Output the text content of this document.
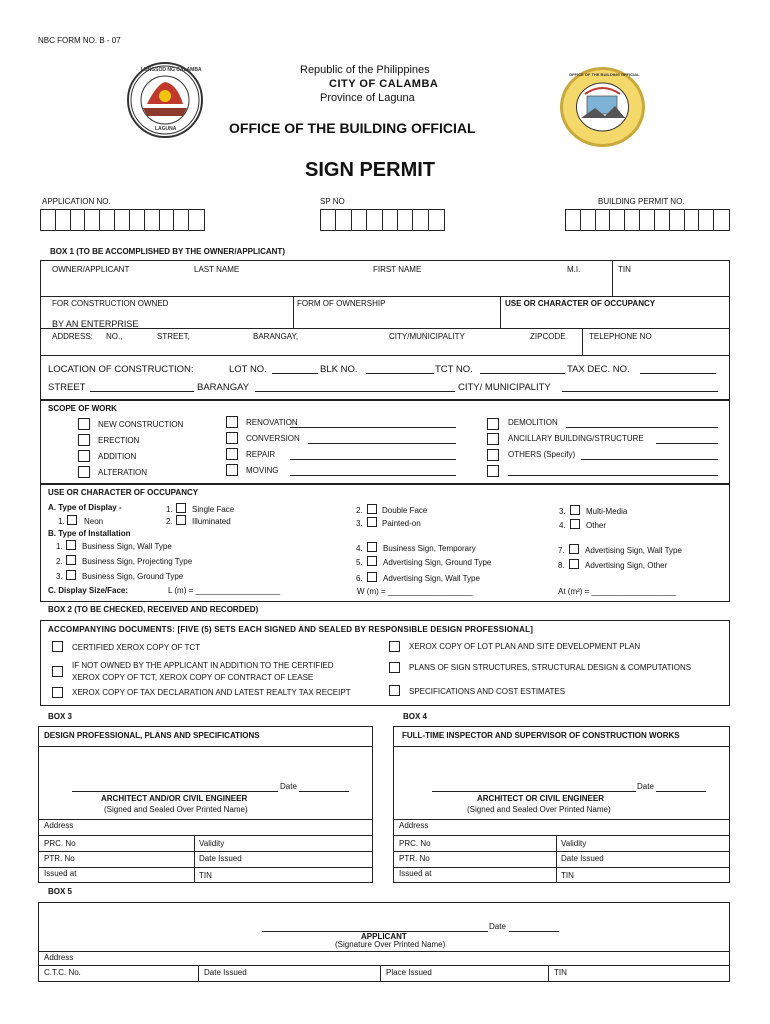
NBC FORM NO. B - 07
LUNGSOD NG CALAMBA
LAGUNA
OFFICE OF THE BUILDING OFFICIAL
Republic of the Philippines
CITY OF CALAMBA
Province of Laguna
OFFICE OF THE BUILDING OFFICIAL
SIGN PERMIT
APPLICATION NO.	SP NO	BUILDING PERMIT NO.
BOX 1 (TO BE ACCOMPLISHED BY THE OWNER/APPLICANT)
OWNER/APPLICANT	LAST NAME	FIRST NAME	M.I.	TIN
FOR CONSTRUCTION OWNED
BY AN ENTERPRISE
FORM OF OWNERSHIP	USE OR CHARACTER OF OCCUPANCY
ADDRESS: NO.,	STREET,	BARANGAY,	CITY/MUNICIPALITY	ZIPCODE	TELEPHONE NO
LOCATION OF CONSTRUCTION:	LOT NO.	BLK NO.	TCT NO.	TAX DEC. NO.
STREET	BARANGAY	CITY/ MUNICIPALITY
SCOPE OF WORK
NEW CONSTRUCTION
ERECTION
ADDITION
ALTERATION
RENOVATION
CONVERSION
REPAIR
MOVING
DEMOLITION
ANCILLARY BUILDING/STRUCTURE
OTHERS (Specify)
USE OR CHARACTER OF OCCUPANCY
A. Type of Display -
1. Neon
1. Single Face
2. Illuminated
2. Double Face
3. Painted-on
3.	Multi-Media
4.	Other
B. Type of Installation
1. Business Sign, Wall Type
2. Business Sign, Projecting Type
3. Business Sign, Ground Type
4.	Business Sign, Temporary
5.	Advertising Sign, Ground Type
6.	Advertising Sign, Wall Type
7.	Advertising Sign, Wall Type
8.	Advertising Sign, Other
C. Display Size/Face:	L (m) = ___________________	W (m) = ___________________	At (m²) = ___________________
BOX 2 (TO BE CHECKED, RECEIVED AND RECORDED)
ACCOMPANYING DOCUMENTS: [FIVE (5) SETS EACH SIGNED AND SEALED BY RESPONSIBLE DESIGN PROFESSIONAL]
CERTIFIED XEROX COPY OF TCT
IF NOT OWNED BY THE APPLICANT IN ADDITION TO THE CERTIFIED
XEROX COPY OF TCT, XEROX COPY OF CONTRACT OF LEASE
XEROX COPY OF TAX DECLARATION AND LATEST REALTY TAX RECEIPT
XEROX COPY OF LOT PLAN AND SITE DEVELOPMENT PLAN
PLANS OF SIGN STRUCTURES, STRUCTURAL DESIGN & COMPUTATIONS
SPECIFICATIONS AND COST ESTIMATES
BOX 3
DESIGN PROFESSIONAL, PLANS AND SPECIFICATIONS
Date
ARCHITECT AND/OR CIVIL ENGINEER
(Signed and Sealed Over Printed Name)
Address
PRC. No	Validity
PTR. No	Date Issued
Issued at	TIN
BOX 4
FULL-TIME INSPECTOR AND SUPERVISOR OF CONSTRUCTION WORKS
Date
ARCHITECT OR CIVIL ENGINEER
(Signed and Sealed Over Printed Name)
Address
PRC. No	Validity
PTR. No	Date Issued
Issued at	TIN
BOX 5
Date
APPLICANT
(Signature Over Printed Name)
Address
C.T.C. No.	Date Issued	Place Issued	TIN
